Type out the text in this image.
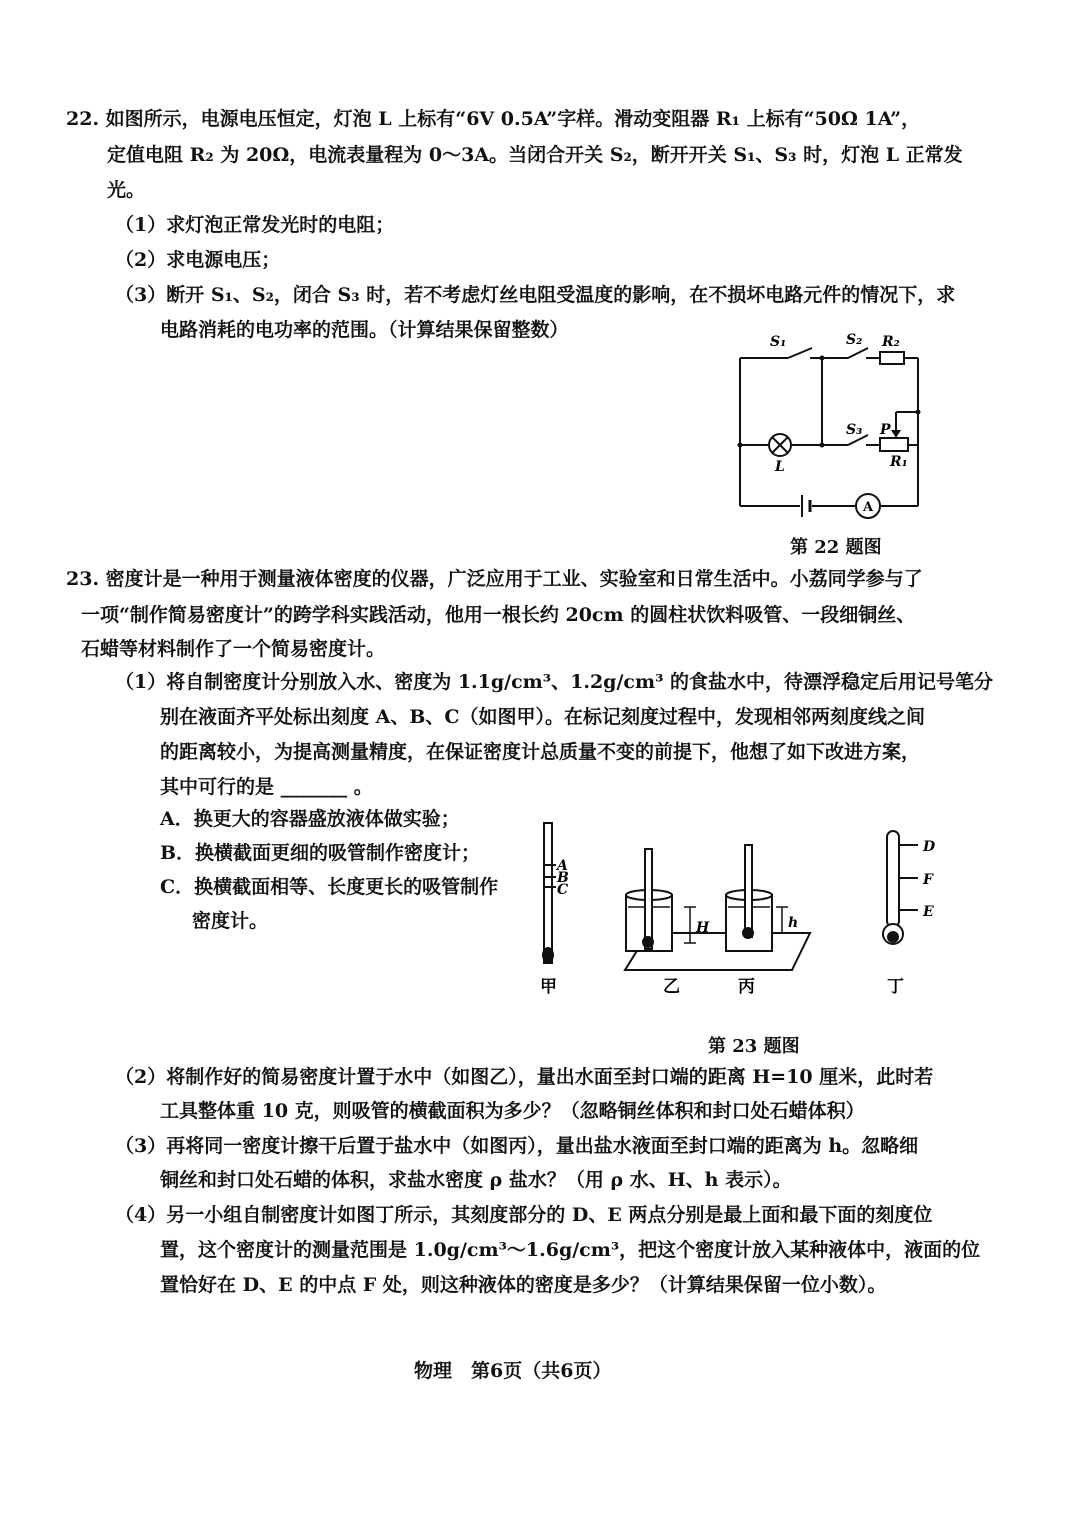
22. 如图所示，电源电压恒定，灯泡 L 上标有“6V 0.5A”字样。滑动变阻器 R₁ 上标有“50Ω 1A”，
定值电阻 R₂ 为 20Ω，电流表量程为 0～3A。当闭合开关 S₂，断开开关 S₁、S₃ 时，灯泡 L 正常发
光。
（1）求灯泡正常发光时的电阻；
（2）求电源电压；
（3）断开 S₁、S₂，闭合 S₃ 时，若不考虑灯丝电阻受温度的影响，在不损坏电路元件的情况下，求
电路消耗的电功率的范围。（计算结果保留整数）
A
S₁	S₂ R₂
S₃ P
R₁
L
第 22 题图
23. 密度计是一种用于测量液体密度的仪器，广泛应用于工业、实验室和日常生活中。小荔同学参与了
一项“制作简易密度计”的跨学科实践活动，他用一根长约 20cm 的圆柱状饮料吸管、一段细铜丝、
石蜡等材料制作了一个简易密度计。
（1）将自制密度计分别放入水、密度为 1.1g/cm³、1.2g/cm³ 的食盐水中，待漂浮稳定后用记号笔分
别在液面齐平处标出刻度 A、B、C（如图甲）。在标记刻度过程中，发现相邻两刻度线之间
的距离较小，为提高测量精度，在保证密度计总质量不变的前提下，他想了如下改进方案，
其中可行的是 _______ 。
A．换更大的容器盛放液体做实验；
B．换横截面更细的吸管制作密度计；
C．换横截面相等、长度更长的吸管制作
密度计。
A
B
C
H	h
D
F
E
甲	乙	丙	丁
第 23 题图
（2）将制作好的简易密度计置于水中（如图乙），量出水面至封口端的距离 H=10 厘米，此时若
工具整体重 10 克，则吸管的横截面积为多少？（忽略铜丝体积和封口处石蜡体积）
（3）再将同一密度计擦干后置于盐水中（如图丙），量出盐水液面至封口端的距离为 h。忽略细
铜丝和封口处石蜡的体积，求盐水密度 ρ 盐水？（用 ρ 水、H、h 表示）。
（4）另一小组自制密度计如图丁所示，其刻度部分的 D、E 两点分别是最上面和最下面的刻度位
置，这个密度计的测量范围是 1.0g/cm³～1.6g/cm³，把这个密度计放入某种液体中，液面的位
置恰好在 D、E 的中点 F 处，则这种液体的密度是多少？（计算结果保留一位小数）。
物理　第6页（共6页）
